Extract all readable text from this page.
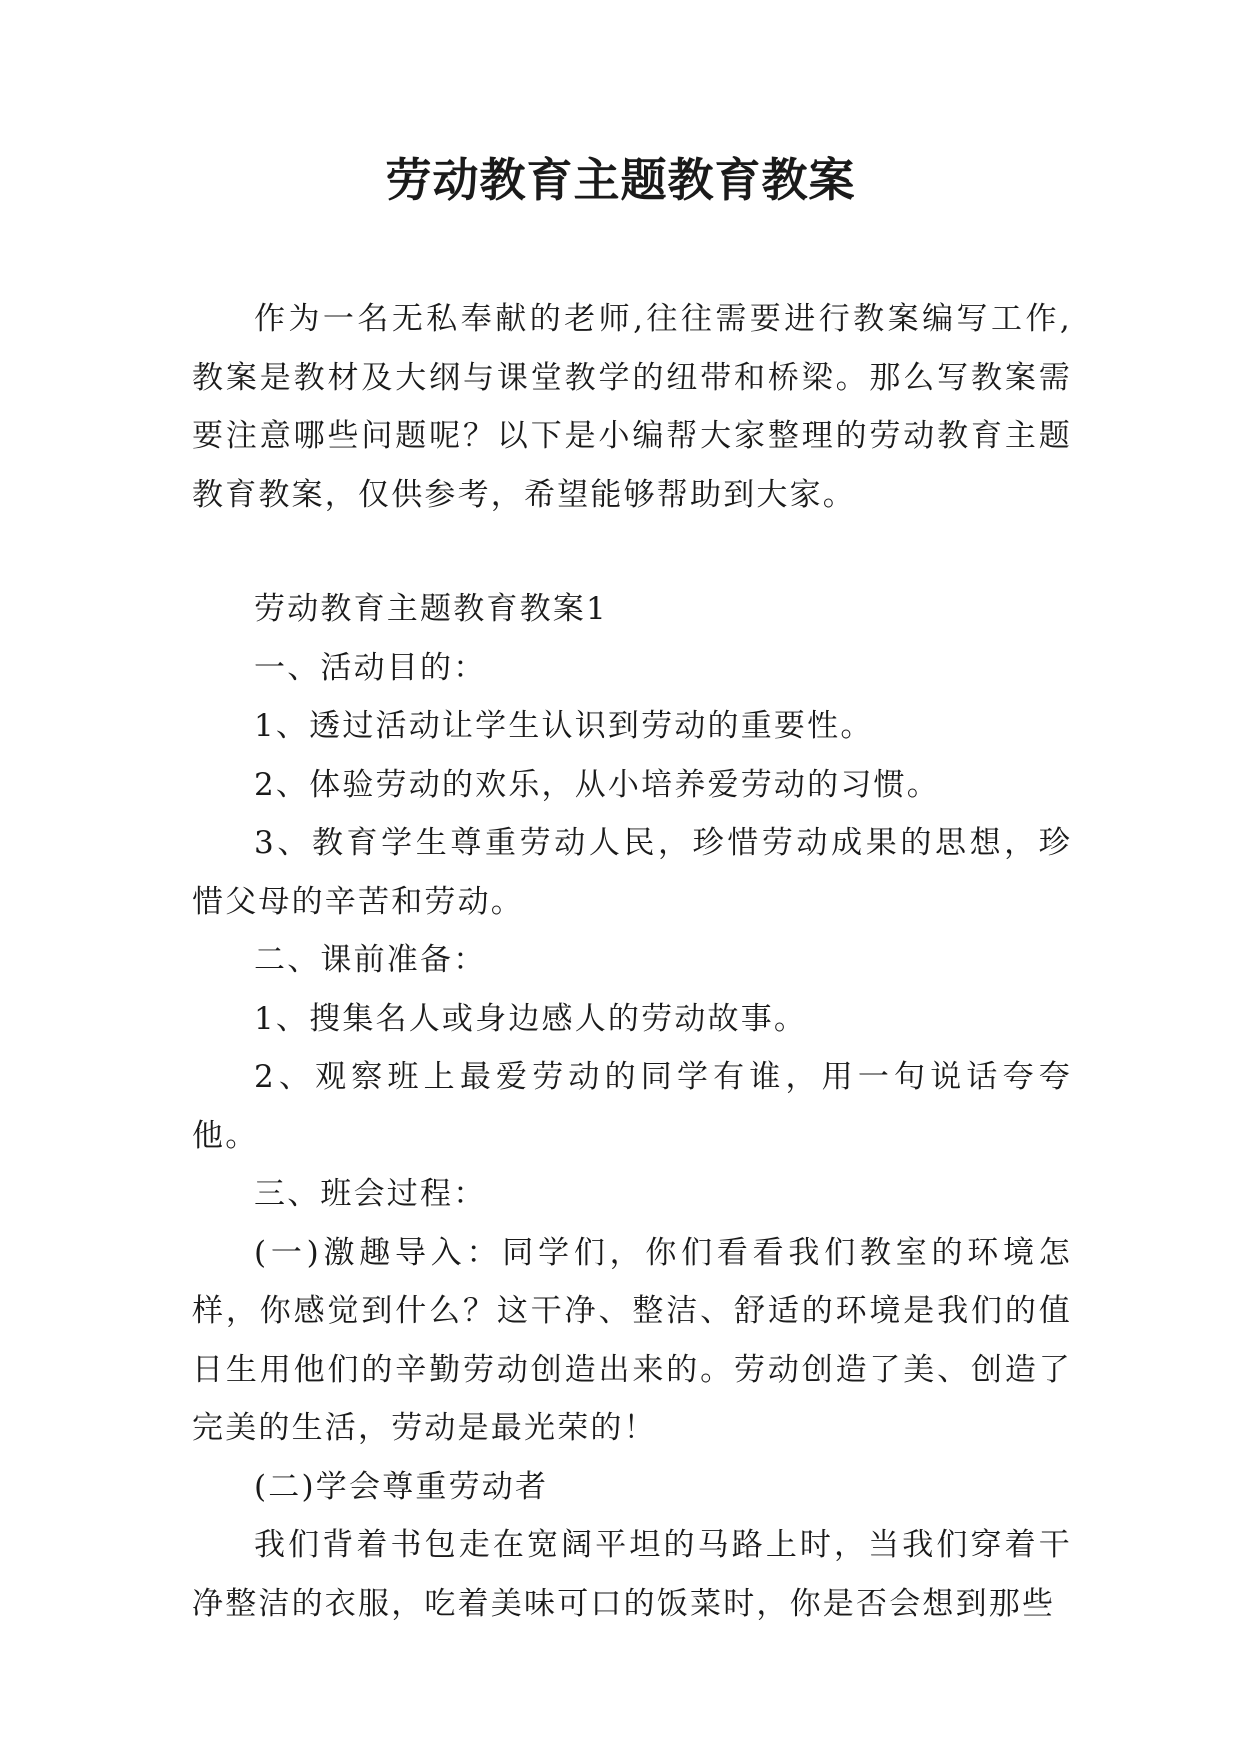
劳动教育主题教育教案

作为一名无私奉献的老师,往往需要进行教案编写工作,教案是教材及大纲与课堂教学的纽带和桥梁。那么写教案需要注意哪些问题呢？以下是小编帮大家整理的劳动教育主题教育教案，仅供参考，希望能够帮助到大家。

劳动教育主题教育教案1

一、活动目的：

1、透过活动让学生认识到劳动的重要性。

2、体验劳动的欢乐，从小培养爱劳动的习惯。

3、教育学生尊重劳动人民，珍惜劳动成果的思想，珍惜父母的辛苦和劳动。

二、课前准备：

1、搜集名人或身边感人的劳动故事。

2、观察班上最爱劳动的同学有谁，用一句说话夸夸他。

三、班会过程：

(一)激趣导入：同学们，你们看看我们教室的环境怎样，你感觉到什么？这干净、整洁、舒适的环境是我们的值日生用他们的辛勤劳动创造出来的。劳动创造了美、创造了完美的生活，劳动是最光荣的！

(二)学会尊重劳动者

我们背着书包走在宽阔平坦的马路上时，当我们穿着干净整洁的衣服，吃着美味可口的饭菜时，你是否会想到那些
